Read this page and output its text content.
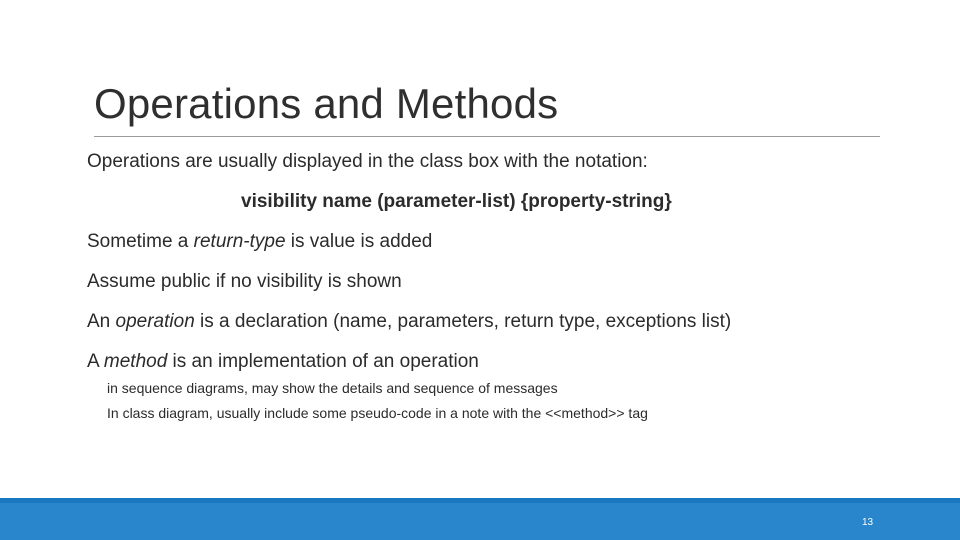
Operations and Methods
Operations are usually displayed in the class box with the notation:
visibility name (parameter-list) {property-string}
Sometime a return-type is value is added
Assume public if no visibility is shown
An operation is a declaration (name, parameters, return type, exceptions list)
A method is an implementation of an operation
in sequence diagrams, may show the details and sequence of messages
In class diagram, usually include some pseudo-code in a note with the <<method>> tag
13
